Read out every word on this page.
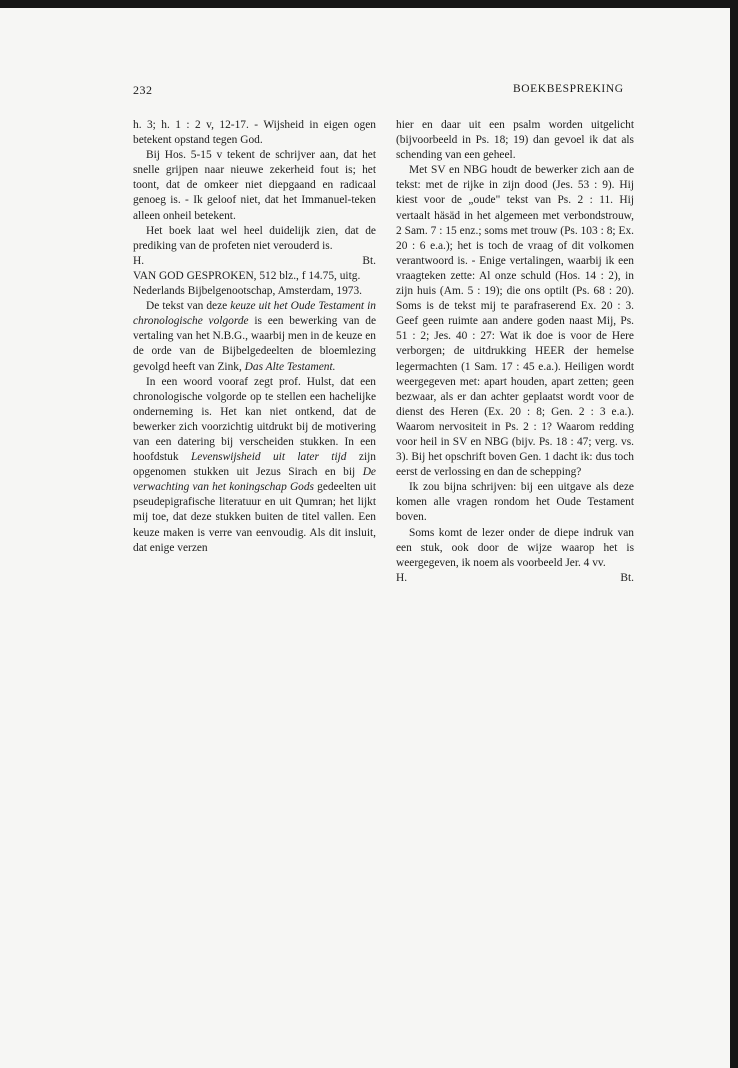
232	BOEKBESPREKING

h. 3; h. 1 : 2 v, 12-17. - Wijsheid in eigen ogen betekent opstand tegen God.

Bij Hos. 5-15 v tekent de schrijver aan, dat het snelle grijpen naar nieuwe zekerheid fout is; het toont, dat de omkeer niet diepgaand en radicaal genoeg is. - Ik geloof niet, dat het Immanuel-teken alleen onheil betekent.

Het boek laat wel heel duidelijk zien, dat de prediking van de profeten niet verouderd is.

H.	Bt.

VAN GOD GESPROKEN, 512 blz., f 14.75, uitg. Nederlands Bijbelgenootschap, Amsterdam, 1973.

De tekst van deze keuze uit het Oude Testament in chronologische volgorde is een bewerking van de vertaling van het N.B.G., waarbij men in de keuze en de orde van de Bijbelgedeelten de bloemlezing gevolgd heeft van Zink, Das Alte Testament.

In een woord vooraf zegt prof. Hulst, dat een chronologische volgorde op te stellen een hachelijke onderneming is. Het kan niet ontkend, dat de bewerker zich voorzichtig uitdrukt bij de motivering van een datering bij verscheiden stukken. In een hoofdstuk Levenswijsheid uit later tijd zijn opgenomen stukken uit Jezus Sirach en bij De verwachting van het koningschap Gods gedeelten uit pseudepigrafische literatuur en uit Qumran; het lijkt mij toe, dat deze stukken buiten de titel vallen. Een keuze maken is verre van eenvoudig. Als dit insluit, dat enige verzen

hier en daar uit een psalm worden uitgelicht (bijvoorbeeld in Ps. 18; 19) dan gevoel ik dat als schending van een geheel.

Met SV en NBG houdt de bewerker zich aan de tekst: met de rijke in zijn dood (Jes. 53 : 9). Hij kiest voor de „oude" tekst van Ps. 2 : 11. Hij vertaalt häsäd in het algemeen met verbondstrouw, 2 Sam. 7 : 15 enz.; soms met trouw (Ps. 103 : 8; Ex. 20 : 6 e.a.); het is toch de vraag of dit volkomen verantwoord is. - Enige vertalingen, waarbij ik een vraagteken zette: Al onze schuld (Hos. 14 : 2), in zijn huis (Am. 5 : 19); die ons optilt (Ps. 68 : 20). Soms is de tekst mij te parafraserend Ex. 20 : 3. Geef geen ruimte aan andere goden naast Mij, Ps. 51 : 2; Jes. 40 : 27: Wat ik doe is voor de Here verborgen; de uitdrukking HEER der hemelse legermachten (1 Sam. 17 : 45 e.a.). Heiligen wordt weergegeven met: apart houden, apart zetten; geen bezwaar, als er dan achter geplaatst wordt voor de dienst des Heren (Ex. 20 : 8; Gen. 2 : 3 e.a.). Waarom nervositeit in Ps. 2 : 1? Waarom redding voor heil in SV en NBG (bijv. Ps. 18 : 47; verg. vs. 3). Bij het opschrift boven Gen. 1 dacht ik: dus toch eerst de verlossing en dan de schepping?

Ik zou bijna schrijven: bij een uitgave als deze komen alle vragen rondom het Oude Testament boven.

Soms komt de lezer onder de diepe indruk van een stuk, ook door de wijze waarop het is weergegeven, ik noem als voorbeeld Jer. 4 vv.

H.	Bt.
